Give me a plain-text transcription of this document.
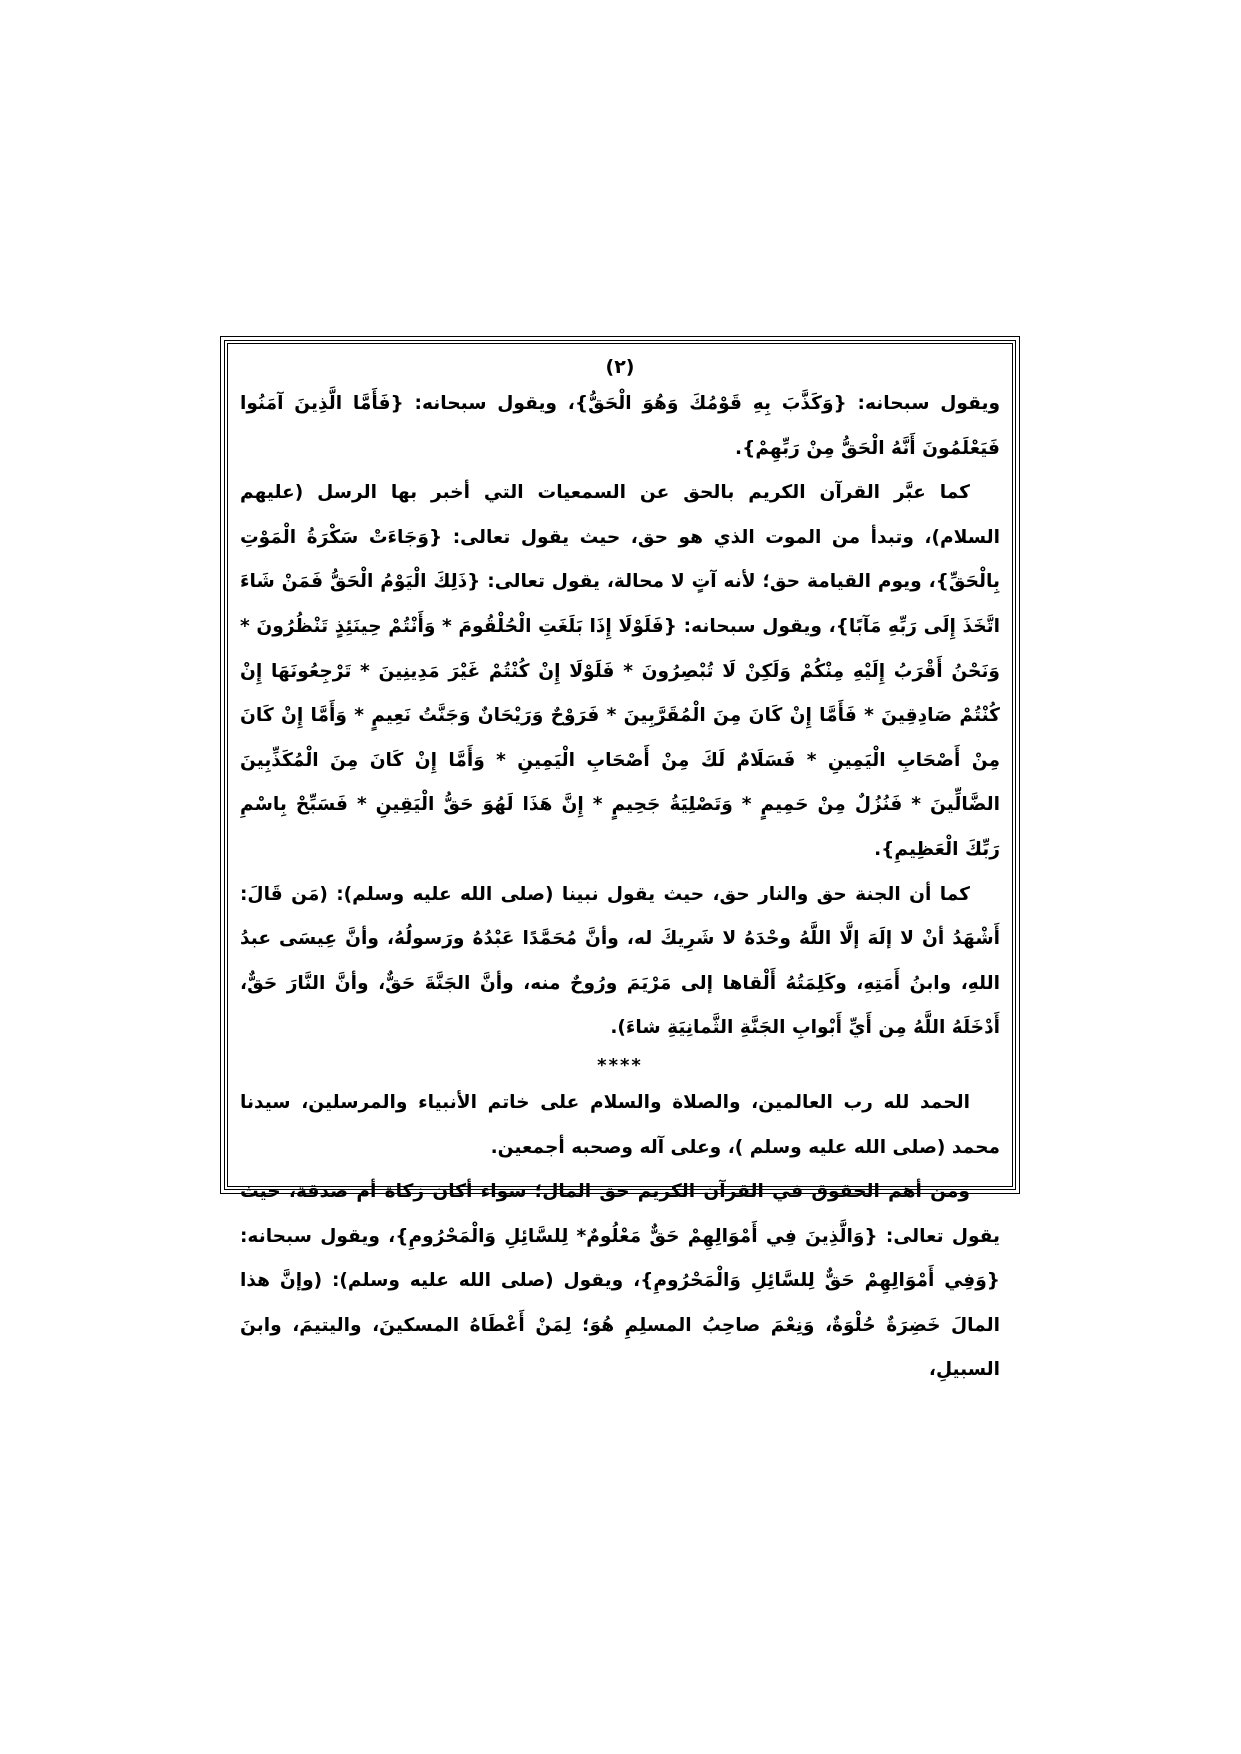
(٢)

ويقول سبحانه: {وَكَذَّبَ بِهِ قَوْمُكَ وَهُوَ الْحَقُّ}، ويقول سبحانه: {فَأَمَّا الَّذِينَ آمَنُوا فَيَعْلَمُونَ أَنَّهُ الْحَقُّ مِنْ رَبِّهِمْ}.

كما عبَّر القرآن الكريم بالحق عن السمعيات التي أخبر بها الرسل (عليهم السلام)، وتبدأ من الموت الذي هو حق، حيث يقول تعالى: {وَجَاءَتْ سَكْرَةُ الْمَوْتِ بِالْحَقِّ}، ويوم القيامة حق؛ لأنه آتٍ لا محالة، يقول تعالى: {ذَلِكَ الْيَوْمُ الْحَقُّ فَمَنْ شَاءَ اتَّخَذَ إِلَى رَبِّهِ مَآبًا}، ويقول سبحانه: {فَلَوْلَا إِذَا بَلَغَتِ الْحُلْقُومَ * وَأَنْتُمْ حِينَئِذٍ تَنْظُرُونَ * وَنَحْنُ أَقْرَبُ إِلَيْهِ مِنْكُمْ وَلَكِنْ لَا تُبْصِرُونَ * فَلَوْلَا إِنْ كُنْتُمْ غَيْرَ مَدِينِينَ * تَرْجِعُونَهَا إِنْ كُنْتُمْ صَادِقِينَ * فَأَمَّا إِنْ كَانَ مِنَ الْمُقَرَّبِينَ * فَرَوْحٌ وَرَيْحَانٌ وَجَنَّتُ نَعِيمٍ * وَأَمَّا إِنْ كَانَ مِنْ أَصْحَابِ الْيَمِينِ * فَسَلَامٌ لَكَ مِنْ أَصْحَابِ الْيَمِينِ * وَأَمَّا إِنْ كَانَ مِنَ الْمُكَذِّبِينَ الضَّالِّينَ * فَنُزُلٌ مِنْ حَمِيمٍ * وَتَصْلِيَةُ جَحِيمٍ * إِنَّ هَذَا لَهُوَ حَقُّ الْيَقِينِ * فَسَبِّحْ بِاسْمِ رَبِّكَ الْعَظِيمِ}.

كما أن الجنة حق والنار حق، حيث يقول نبينا (صلى الله عليه وسلم): (مَن قَالَ: أَشْهَدُ أنْ لا إلَهَ إلَّا اللَّهُ وحْدَهُ لا شَرِيكَ له، وأنَّ مُحَمَّدًا عَبْدُهُ ورَسولُهُ، وأنَّ عِيسَى عبدُ اللهِ، وابنُ أَمَتِهِ، وكَلِمَتُهُ أَلْقاها إلى مَرْيَمَ ورُوحٌ منه، وأنَّ الجَنَّةَ حَقٌّ، وأنَّ النَّارَ حَقٌّ، أَدْخَلَهُ اللَّهُ مِن أَيِّ أَبْوابِ الجَنَّةِ الثَّمانِيَةِ شاءَ).

****

الحمد لله رب العالمين، والصلاة والسلام على خاتم الأنبياء والمرسلين، سيدنا محمد (صلى الله عليه وسلم )، وعلى آله وصحبه أجمعين.

ومن أهم الحقوق في القرآن الكريم حق المال؛ سواء أكان زكاة أم صدقة، حيث يقول تعالى: {وَالَّذِينَ فِي أَمْوَالِهِمْ حَقٌّ مَعْلُومٌ* لِلسَّائِلِ وَالْمَحْرُومِ}، ويقول سبحانه: {وَفِي أَمْوَالِهِمْ حَقٌّ لِلسَّائِلِ وَالْمَحْرُومِ}، ويقول (صلى الله عليه وسلم): (وإنَّ هذا المالَ خَضِرَةٌ حُلْوَةٌ، وَنِعْمَ صاحِبُ المسلِمِ هُوَ؛ لِمَنْ أَعْطَاهُ المسكينَ، واليتيمَ، وابنَ السبيلِ،
